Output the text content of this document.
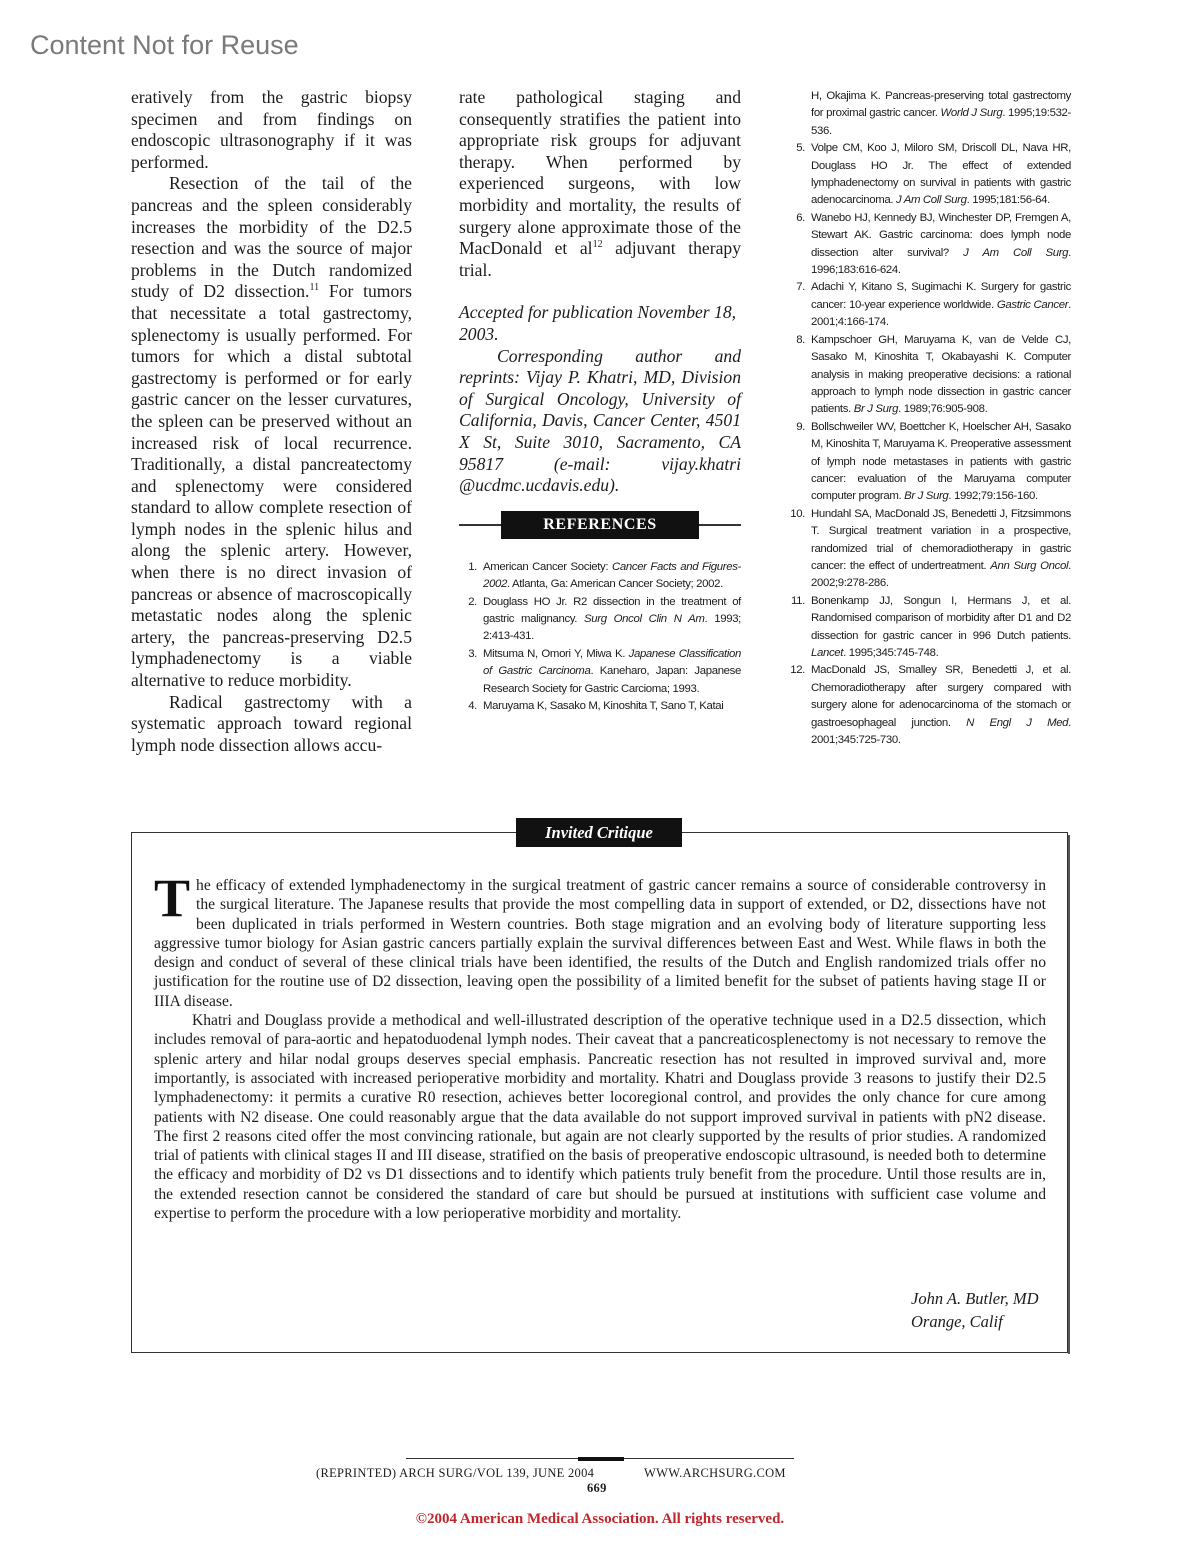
Content Not for Reuse

eratively from the gastric biopsy specimen and from findings on endoscopic ultrasonography if it was performed.

Resection of the tail of the pancreas and the spleen considerably increases the morbidity of the D2.5 resection and was the source of major problems in the Dutch randomized study of D2 dissection.$^{11}$ For tumors that necessitate a total gastrectomy, splenectomy is usually performed. For tumors for which a distal subtotal gastrectomy is performed or for early gastric cancer on the lesser curvatures, the spleen can be preserved without an increased risk of local recurrence. Traditionally, a distal pancreatectomy and splenectomy were considered standard to allow complete resection of lymph nodes in the splenic hilus and along the splenic artery. However, when there is no direct invasion of pancreas or absence of macroscopically metastatic nodes along the splenic artery, the pancreas-preserving D2.5 lymphadenectomy is a viable alternative to reduce morbidity.

Radical gastrectomy with a systematic approach toward regional lymph node dissection allows accu-

rate pathological staging and consequently stratifies the patient into appropriate risk groups for adjuvant therapy. When performed by experienced surgeons, with low morbidity and mortality, the results of surgery alone approximate those of the MacDonald et $al^{12}$ adjuvant therapy trial.

Accepted for publication November 18, 2003.

Corresponding author and reprints: Vijay P. Khatri, MD, Division of Surgical Oncology, University of California, Davis, Cancer Center, 4501 X St, Suite 3010, Sacramento, CA 95817 (e-mail: vijay.khatri @ucdmc.ucdavis.edu).

REFERENCES
1. American Cancer Society: Cancer Facts and Figures-2002. Atlanta, Ga: American Cancer Society; 2002.
2. Douglass HO Jr. R2 dissection in the treatment of gastric malignancy. Surg Oncol Clin N Am. 1993; 2:413-431.
3. Mitsuma N, Omori Y, Miwa K. Japanese Classification of Gastric Carcinoma. Kaneharo, Japan: Japanese Research Society for Gastric Carcioma; 1993.
4. Maruyama K, Sasako M, Kinoshita T, Sano T, Katai
H, Okajima K. Pancreas-preserving total gastrectomy for proximal gastric cancer. World J Surg. 1995;19:532-536.
5. Volpe CM, Koo J, Miloro SM, Driscoll DL, Nava HR, Douglass HO Jr. The effect of extended lymphadenectomy on survival in patients with gastric adenocarcinoma. J Am Coll Surg. 1995;181:56-64.
6. Wanebo HJ, Kennedy BJ, Winchester DP, Fremgen A, Stewart AK. Gastric carcinoma: does lymph node dissection alter survival? J Am Coll Surg. 1996;183:616-624.
7. Adachi Y, Kitano S, Sugimachi K. Surgery for gastric cancer: 10-year experience worldwide. Gastric Cancer. 2001;4:166-174.
8. Kampschoer GH, Maruyama K, van de Velde CJ, Sasako M, Kinoshita T, Okabayashi K. Computer analysis in making preoperative decisions: a rational approach to lymph node dissection in gastric cancer patients. Br J Surg. 1989;76:905-908.
9. Bollschweiler WV, Boettcher K, Hoelscher AH, Sasako M, Kinoshita T, Maruyama K. Preoperative assessment of lymph node metastases in patients with gastric cancer: evaluation of the Maruyama computer computer program. Br J Surg. 1992;79:156-160.
10. Hundahl SA, MacDonald JS, Benedetti J, Fitzsimmons T. Surgical treatment variation in a prospective, randomized trial of chemoradiotherapy in gastric cancer: the effect of undertreatment. Ann Surg Oncol. 2002;9:278-286.
11. Bonenkamp JJ, Songun I, Hermans J, et al. Randomised comparison of morbidity after D1 and D2 dissection for gastric cancer in 996 Dutch patients. Lancet. 1995;345:745-748.
12. MacDonald JS, Smalley SR, Benedetti J, et al. Chemoradiotherapy after surgery compared with surgery alone for adenocarcinoma of the stomach or gastroesophageal junction. N Engl J Med. 2001;345:725-730.
Invited Critique

The efficacy of extended lymphadenectomy in the surgical treatment of gastric cancer remains a source of considerable controversy in the surgical literature. The Japanese results that provide the most compelling data in support of extended, or D2, dissections have not been duplicated in trials performed in Western countries. Both stage migration and an evolving body of literature supporting less aggressive tumor biology for Asian gastric cancers partially explain the survival differences between East and West. While flaws in both the design and conduct of several of these clinical trials have been identified, the results of the Dutch and English randomized trials offer no justification for the routine use of D2 dissection, leaving open the possibility of a limited benefit for the subset of patients having stage II or IIIA disease.

Khatri and Douglass provide a methodical and well-illustrated description of the operative technique used in a D2.5 dissection, which includes removal of para-aortic and hepatoduodenal lymph nodes. Their caveat that a pancreaticosplenectomy is not necessary to remove the splenic artery and hilar nodal groups deserves special emphasis. Pancreatic resection has not resulted in improved survival and, more importantly, is associated with increased perioperative morbidity and mortality. Khatri and Douglass provide 3 reasons to justify their D2.5 lymphadenectomy: it permits a curative R0 resection, achieves better locoregional control, and provides the only chance for cure among patients with N2 disease. One could reasonably argue that the data available do not support improved survival in patients with pN2 disease. The first 2 reasons cited offer the most convincing rationale, but again are not clearly supported by the results of prior studies. A randomized trial of patients with clinical stages II and III disease, stratified on the basis of preoperative endoscopic ultrasound, is needed both to determine the efficacy and morbidity of D2 vs D1 dissections and to identify which patients truly benefit from the procedure. Until those results are in, the extended resection cannot be considered the standard of care but should be pursued at institutions with sufficient case volume and expertise to perform the procedure with a low perioperative morbidity and mortality.

John A. Butler, MD
Orange, Calif
(REPRINTED) ARCH SURG/VOL 139, JUNE 2004	WWW.ARCHSURG.COM
669
©2004 American Medical Association. All rights reserved.
